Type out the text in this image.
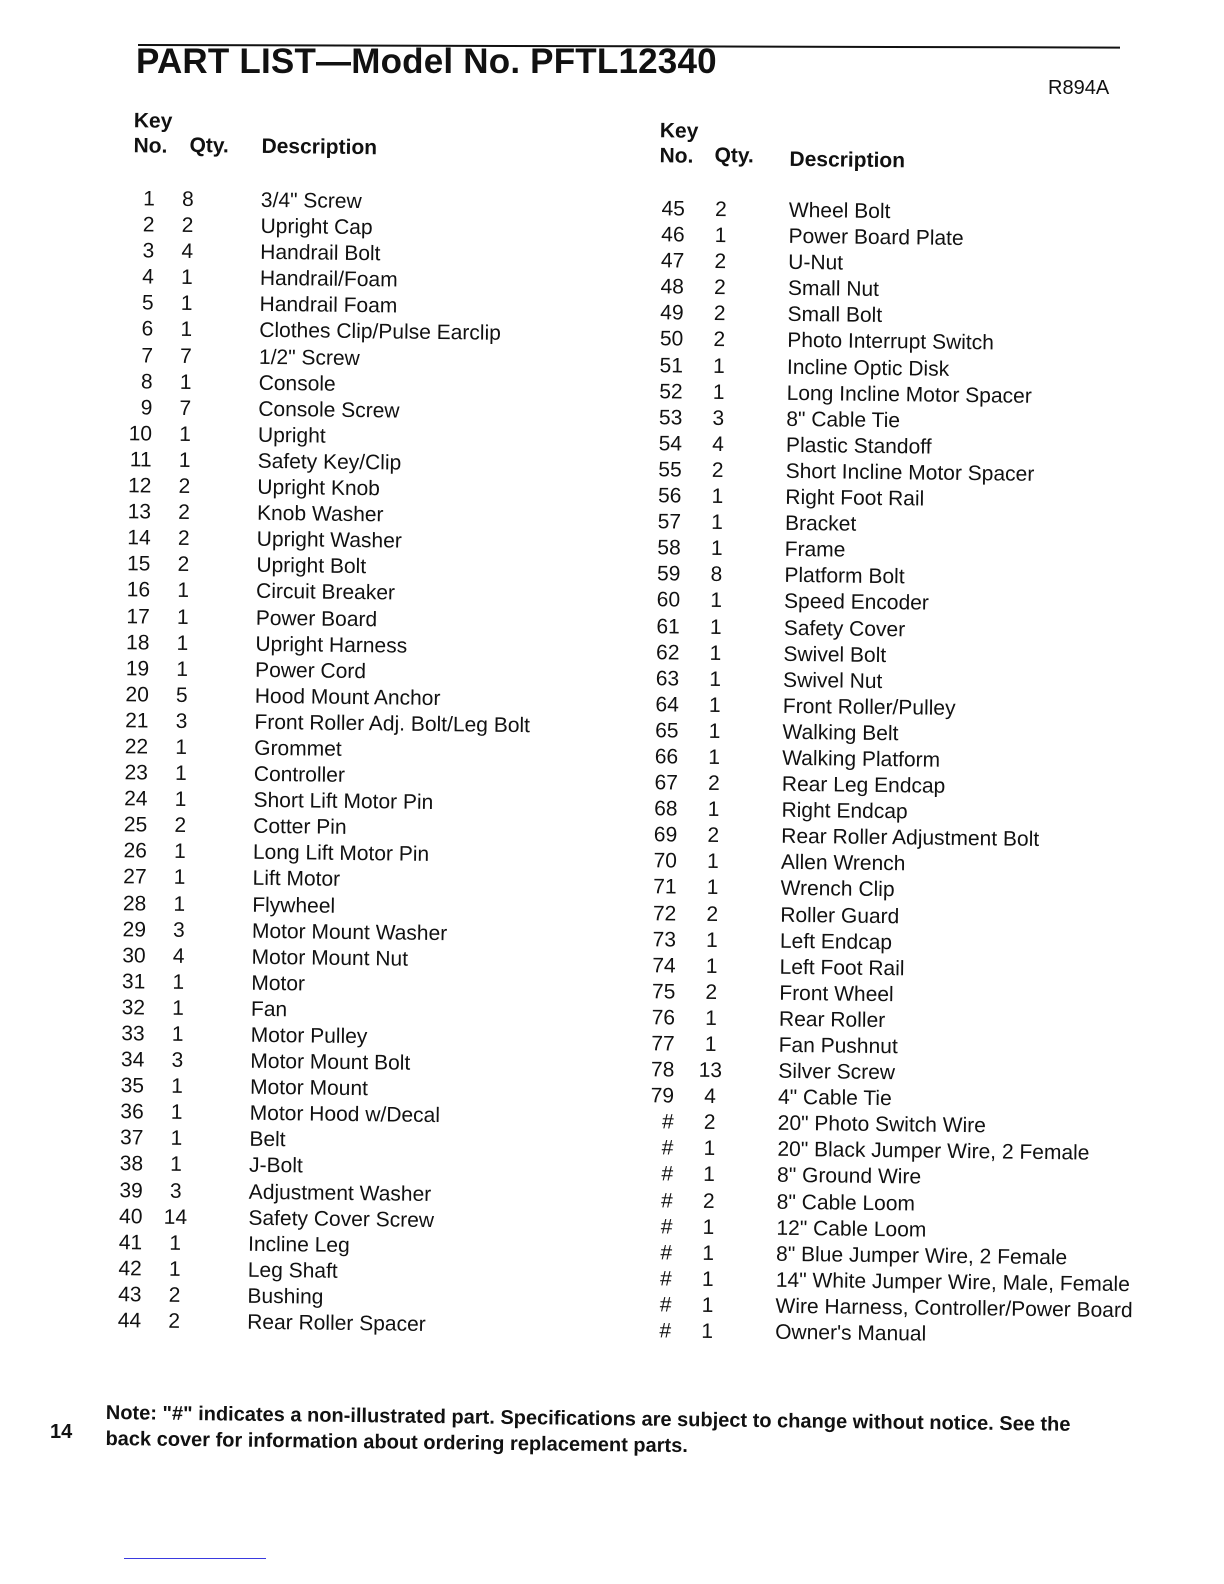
PART LIST—Model No. PFTL12340
R894A
Key
No. Qty. Description
1	8	3/4" Screw
2	2	Upright Cap
3	4	Handrail Bolt
4	1	Handrail/Foam
5	1	Handrail Foam
6	1	Clothes Clip/Pulse Earclip
7	7	1/2" Screw
8	1	Console
9	7	Console Screw
10	1	Upright
11	1	Safety Key/Clip
12	2	Upright Knob
13	2	Knob Washer
14	2	Upright Washer
15	2	Upright Bolt
16	1	Circuit Breaker
17	1	Power Board
18	1	Upright Harness
19	1	Power Cord
20	5	Hood Mount Anchor
21	3	Front Roller Adj. Bolt/Leg Bolt
22	1	Grommet
23	1	Controller
24	1	Short Lift Motor Pin
25	2	Cotter Pin
26	1	Long Lift Motor Pin
27	1	Lift Motor
28	1	Flywheel
29	3	Motor Mount Washer
30	4	Motor Mount Nut
31	1	Motor
32	1	Fan
33	1	Motor Pulley
34	3	Motor Mount Bolt
35	1	Motor Mount
36	1	Motor Hood w/Decal
37	1	Belt
38	1	J-Bolt
39	3	Adjustment Washer
40	14	Safety Cover Screw
41	1	Incline Leg
42	1	Leg Shaft
43	2	Bushing
44	2	Rear Roller Spacer
Key
No. Qty. Description
45	2	Wheel Bolt
46	1	Power Board Plate
47	2	U-Nut
48	2	Small Nut
49	2	Small Bolt
50	2	Photo Interrupt Switch
51	1	Incline Optic Disk
52	1	Long Incline Motor Spacer
53	3	8" Cable Tie
54	4	Plastic Standoff
55	2	Short Incline Motor Spacer
56	1	Right Foot Rail
57	1	Bracket
58	1	Frame
59	8	Platform Bolt
60	1	Speed Encoder
61	1	Safety Cover
62	1	Swivel Bolt
63	1	Swivel Nut
64	1	Front Roller/Pulley
65	1	Walking Belt
66	1	Walking Platform
67	2	Rear Leg Endcap
68	1	Right Endcap
69	2	Rear Roller Adjustment Bolt
70	1	Allen Wrench
71	1	Wrench Clip
72	2	Roller Guard
73	1	Left Endcap
74	1	Left Foot Rail
75	2	Front Wheel
76	1	Rear Roller
77	1	Fan Pushnut
78	13	Silver Screw
79	4	4" Cable Tie
#	2	20" Photo Switch Wire
#	1	20" Black Jumper Wire, 2 Female
#	1	8" Ground Wire
#	2	8" Cable Loom
#	1	12" Cable Loom
#	1	8" Blue Jumper Wire, 2 Female
#	1	14" White Jumper Wire, Male, Female
#	1	Wire Harness, Controller/Power Board
#	1	Owner's Manual
14 Note: "#" indicates a non-illustrated part. Specifications are subject to change without notice. See the back cover for information about ordering replacement parts.
